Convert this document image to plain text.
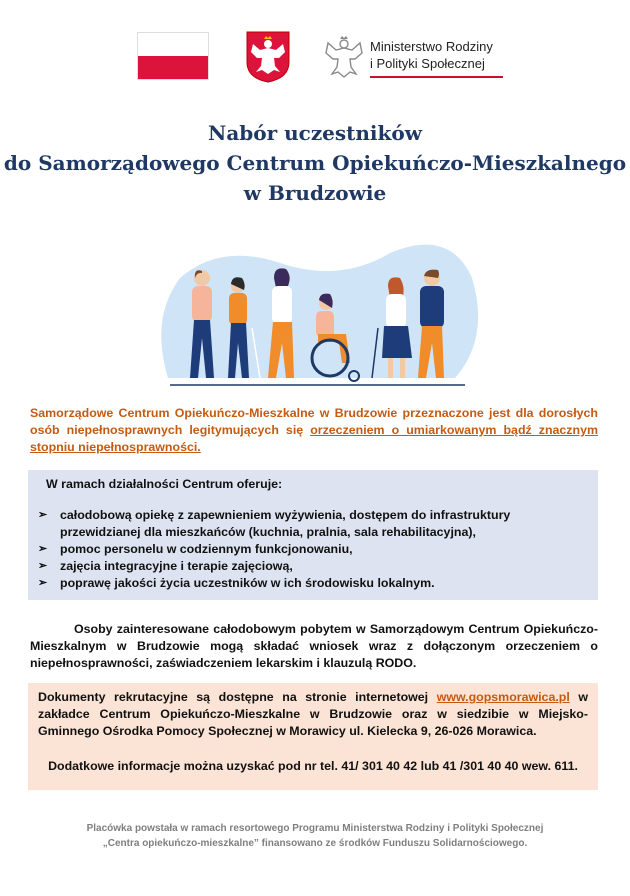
Ministerstwo Rodziny
i Polityki Społecznej
Nabór uczestników
do Samorządowego Centrum Opiekuńczo-Mieszkalnego
w Brudzowie
Samorządowe Centrum Opiekuńczo-Mieszkalne w Brudzowie przeznaczone jest dla dorosłych osób niepełnosprawnych legitymujących się orzeczeniem o umiarkowanym bądź znacznym stopniu niepełnosprawności.
W ramach działalności Centrum oferuje:
➢ całodobową opiekę z zapewnieniem wyżywienia, dostępem do infrastruktury przewidzianej dla mieszkańców (kuchnia, pralnia, sala rehabilitacyjna),
➢ pomoc personelu w codziennym funkcjonowaniu,
➢ zajęcia integracyjne i terapie zajęciową,
➢ poprawę jakości życia uczestników w ich środowisku lokalnym.
Osoby zainteresowane całodobowym pobytem w Samorządowym Centrum Opiekuńczo-Mieszkalnym w Brudzowie mogą składać wniosek wraz z dołączonym orzeczeniem o niepełnosprawności, zaświadczeniem lekarskim i klauzulą RODO.
Dokumenty rekrutacyjne są dostępne na stronie internetowej www.gopsmorawica.pl w zakładce Centrum Opiekuńczo-Mieszkalne w Brudzowie oraz w siedzibie w Miejsko-Gminnego Ośrodka Pomocy Społecznej w Morawicy ul. Kielecka 9, 26-026 Morawica.
Dodatkowe informacje można uzyskać pod nr tel. 41/ 301 40 42 lub 41 /301 40 40 wew. 611.
Placówka powstała w ramach resortowego Programu Ministerstwa Rodziny i Polityki Społecznej
„Centra opiekuńczo-mieszkalne” finansowano ze środków Funduszu Solidarnościowego.
